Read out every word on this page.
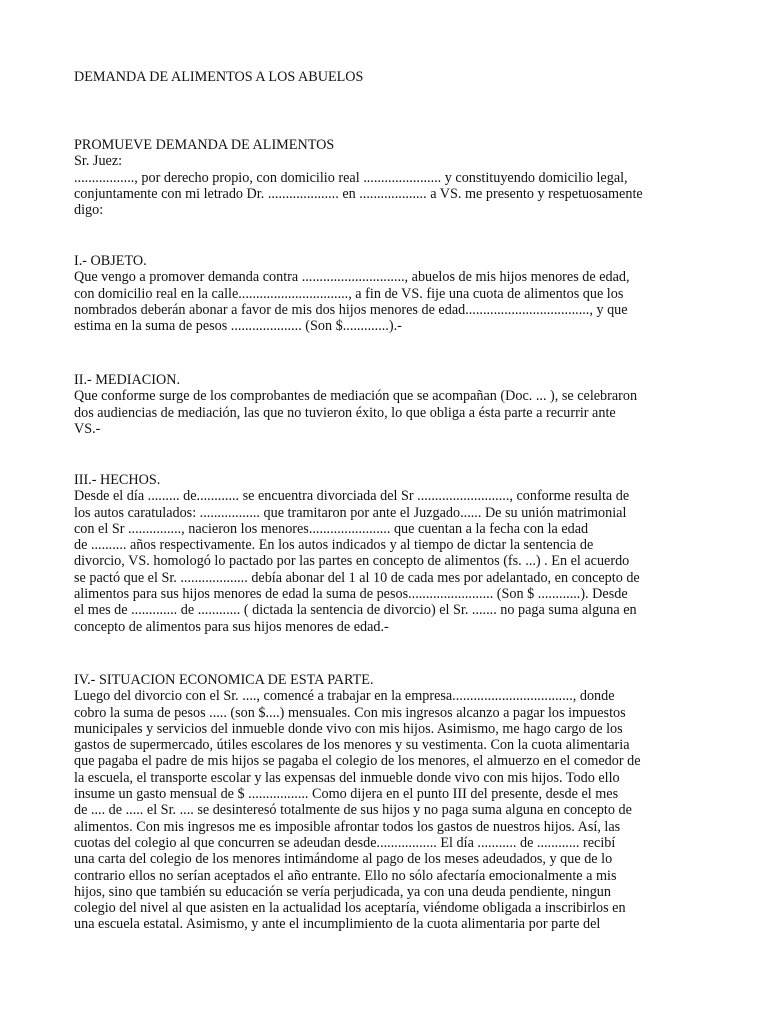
DEMANDA DE ALIMENTOS A LOS ABUELOS
PROMUEVE DEMANDA DE ALIMENTOS
Sr. Juez:
................., por derecho propio, con domicilio real ...................... y constituyendo domicilio legal,
conjuntamente con mi letrado Dr. .................... en ................... a VS. me presento y respetuosamente
digo:
I.- OBJETO.
Que vengo a promover demanda contra ............................., abuelos de mis hijos menores de edad,
con domicilio real en la calle..............................., a fin de VS. fije una cuota de alimentos que los
nombrados deberán abonar a favor de mis dos hijos menores de edad..................................., y que
estima en la suma de pesos .................... (Son $.............).-
II.- MEDIACION.
Que conforme surge de los comprobantes de mediación que se acompañan (Doc. ... ), se celebraron
dos audiencias de mediación, las que no tuvieron éxito, lo que obliga a ésta parte a recurrir ante
VS.-
III.- HECHOS.
Desde el día ......... de............ se encuentra divorciada del Sr .........................., conforme resulta de
los autos caratulados: ................. que tramitaron por ante el Juzgado...... De su unión matrimonial
con el Sr ..............., nacieron los menores....................... que cuentan a la fecha con la edad
de .......... años respectivamente. En los autos indicados y al tiempo de dictar la sentencia de
divorcio, VS. homologó lo pactado por las partes en concepto de alimentos (fs. ...) . En el acuerdo
se pactó que el Sr. ................... debía abonar del 1 al 10 de cada mes por adelantado, en concepto de
alimentos para sus hijos menores de edad la suma de pesos........................ (Son $ ............). Desde
el mes de ............. de ............ ( dictada la sentencia de divorcio) el Sr. ....... no paga suma alguna en
concepto de alimentos para sus hijos menores de edad.-
IV.- SITUACION ECONOMICA DE ESTA PARTE.
Luego del divorcio con el Sr. ...., comencé a trabajar en la empresa.................................., donde
cobro la suma de pesos ..... (son $....) mensuales. Con mis ingresos alcanzo a pagar los impuestos
municipales y servicios del inmueble donde vivo con mis hijos. Asimismo, me hago cargo de los
gastos de supermercado, útiles escolares de los menores y su vestimenta. Con la cuota alimentaria
que pagaba el padre de mis hijos se pagaba el colegio de los menores, el almuerzo en el comedor de
la escuela, el transporte escolar y las expensas del inmueble donde vivo con mis hijos. Todo ello
insume un gasto mensual de $ ................. Como dijera en el punto III del presente, desde el mes
de .... de ..... el Sr. .... se desinteresó totalmente de sus hijos y no paga suma alguna en concepto de
alimentos. Con mis ingresos me es imposible afrontar todos los gastos de nuestros hijos. Así, las
cuotas del colegio al que concurren se adeudan desde................. El día ........... de ............ recibí
una carta del colegio de los menores intimándome al pago de los meses adeudados, y que de lo
contrario ellos no serían aceptados el año entrante. Ello no sólo afectaría emocionalmente a mis
hijos, sino que también su educación se vería perjudicada, ya con una deuda pendiente, ningun
colegio del nivel al que asisten en la actualidad los aceptaría, viéndome obligada a inscribirlos en
una escuela estatal. Asimismo, y ante el incumplimiento de la cuota alimentaria por parte del
